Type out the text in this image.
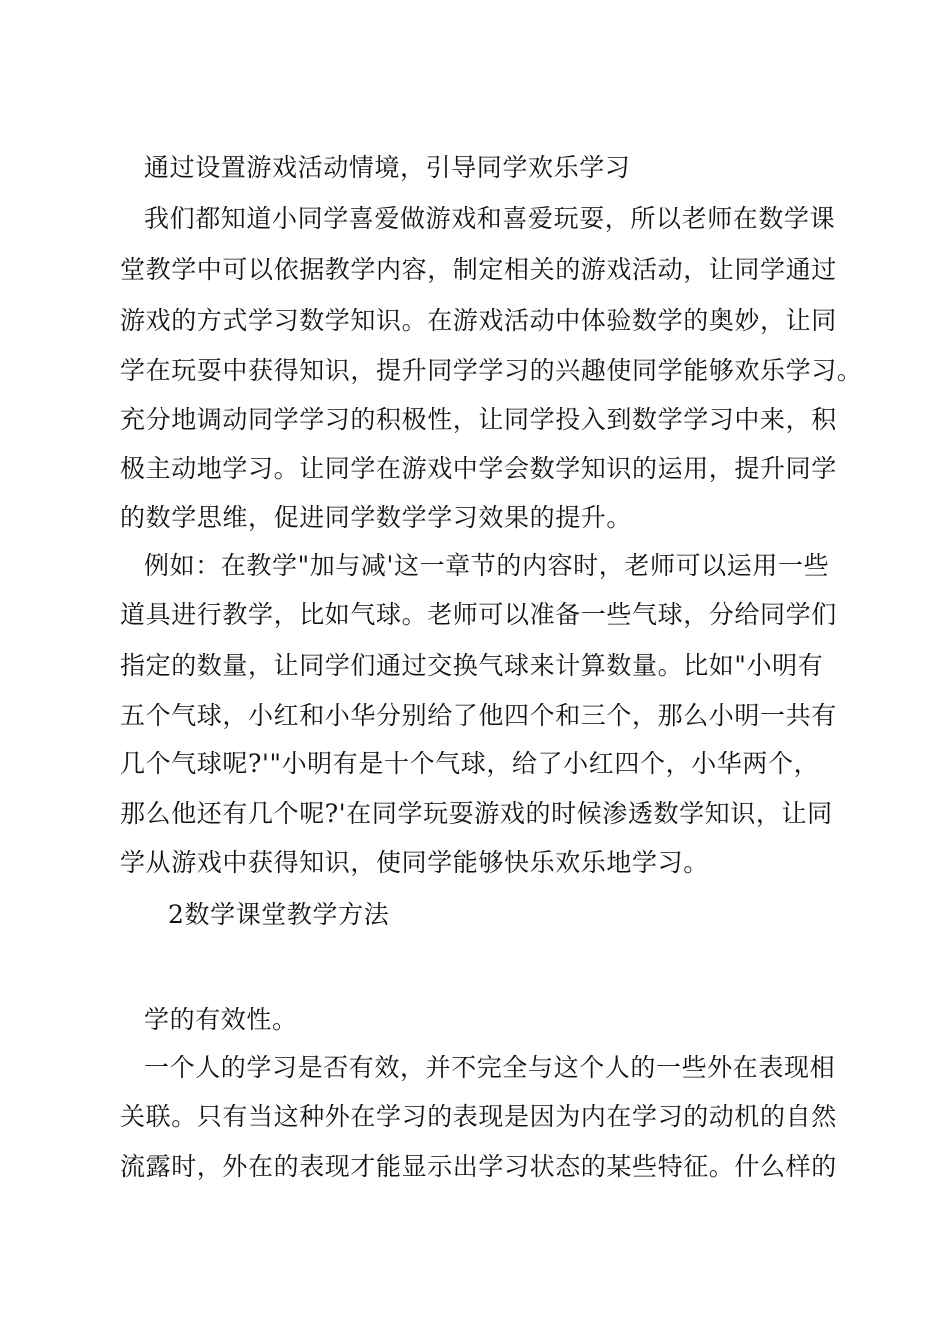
通过设置游戏活动情境，引导同学欢乐学习
我们都知道小同学喜爱做游戏和喜爱玩耍，所以老师在数学课
堂教学中可以依据教学内容，制定相关的游戏活动，让同学通过
游戏的方式学习数学知识。在游戏活动中体验数学的奥妙，让同
学在玩耍中获得知识，提升同学学习的兴趣使同学能够欢乐学习。
充分地调动同学学习的积极性，让同学投入到数学学习中来，积
极主动地学习。让同学在游戏中学会数学知识的运用，提升同学
的数学思维，促进同学数学学习效果的提升。
例如：在教学"加与减'这一章节的内容时，老师可以运用一些
道具进行教学，比如气球。老师可以准备一些气球，分给同学们
指定的数量，让同学们通过交换气球来计算数量。比如"小明有
五个气球，小红和小华分别给了他四个和三个，那么小明一共有
几个气球呢?'"小明有是十个气球，给了小红四个，小华两个，
那么他还有几个呢?'在同学玩耍游戏的时候渗透数学知识，让同
学从游戏中获得知识，使同学能够快乐欢乐地学习。
2数学课堂教学方法
学的有效性。
一个人的学习是否有效，并不完全与这个人的一些外在表现相
关联。只有当这种外在学习的表现是因为内在学习的动机的自然
流露时，外在的表现才能显示出学习状态的某些特征。什么样的
